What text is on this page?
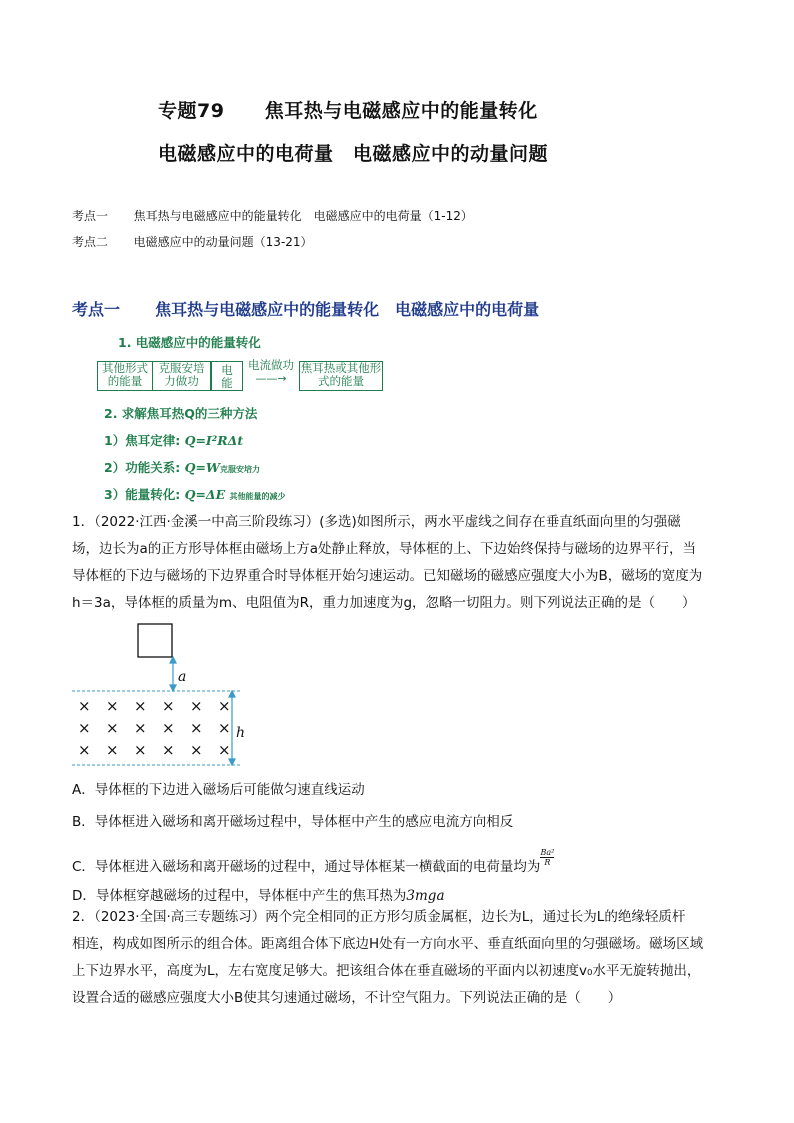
专题79 焦耳热与电磁感应中的能量转化
电磁感应中的电荷量　电磁感应中的动量问题
考点一 焦耳热与电磁感应中的能量转化　电磁感应中的电荷量（1-12）
考点二 电磁感应中的动量问题（13-21）
考点一 焦耳热与电磁感应中的能量转化　电磁感应中的电荷量
1. 电磁感应中的能量转化
其他形式的能量
克服安培力做功
电能
电流做功
——→
焦耳热或其他形式的能量
2. 求解焦耳热Q的三种方法
1）焦耳定律: Q=I²RΔt
2）功能关系: Q=W克服安培力
3）能量转化: Q=ΔE 其他能量的减少
1．（2022·江西·金溪一中高三阶段练习）(多选)如图所示，两水平虚线之间存在垂直纸面向里的匀强磁
场，边长为a的正方形导体框由磁场上方a处静止释放，导体框的上、下边始终保持与磁场的边界平行，当
导体框的下边与磁场的下边界重合时导体框开始匀速运动。已知磁场的磁感应强度大小为B，磁场的宽度为
h＝3a，导体框的质量为m、电阻值为R，重力加速度为g，忽略一切阻力。则下列说法正确的是（　　）
a
h
× × × × × ×
× × × × × ×
× × × × × ×
A．导体框的下边进入磁场后可能做匀速直线运动
B．导体框进入磁场和离开磁场过程中，导体框中产生的感应电流方向相反
C．导体框进入磁场和离开磁场的过程中，通过导体框某一横截面的电荷量均为 $\frac{\text{Ba²}}{R}$
D．导体框穿越磁场的过程中，导体框中产生的焦耳热为3mga
2．（2023·全国·高三专题练习）两个完全相同的正方形匀质金属框，边长为L，通过长为L的绝缘轻质杆
相连，构成如图所示的组合体。距离组合体下底边H处有一方向水平、垂直纸面向里的匀强磁场。磁场区域
上下边界水平，高度为L，左右宽度足够大。把该组合体在垂直磁场的平面内以初速度v₀水平无旋转抛出，
设置合适的磁感应强度大小B使其匀速通过磁场，不计空气阻力。下列说法正确的是（　　）
